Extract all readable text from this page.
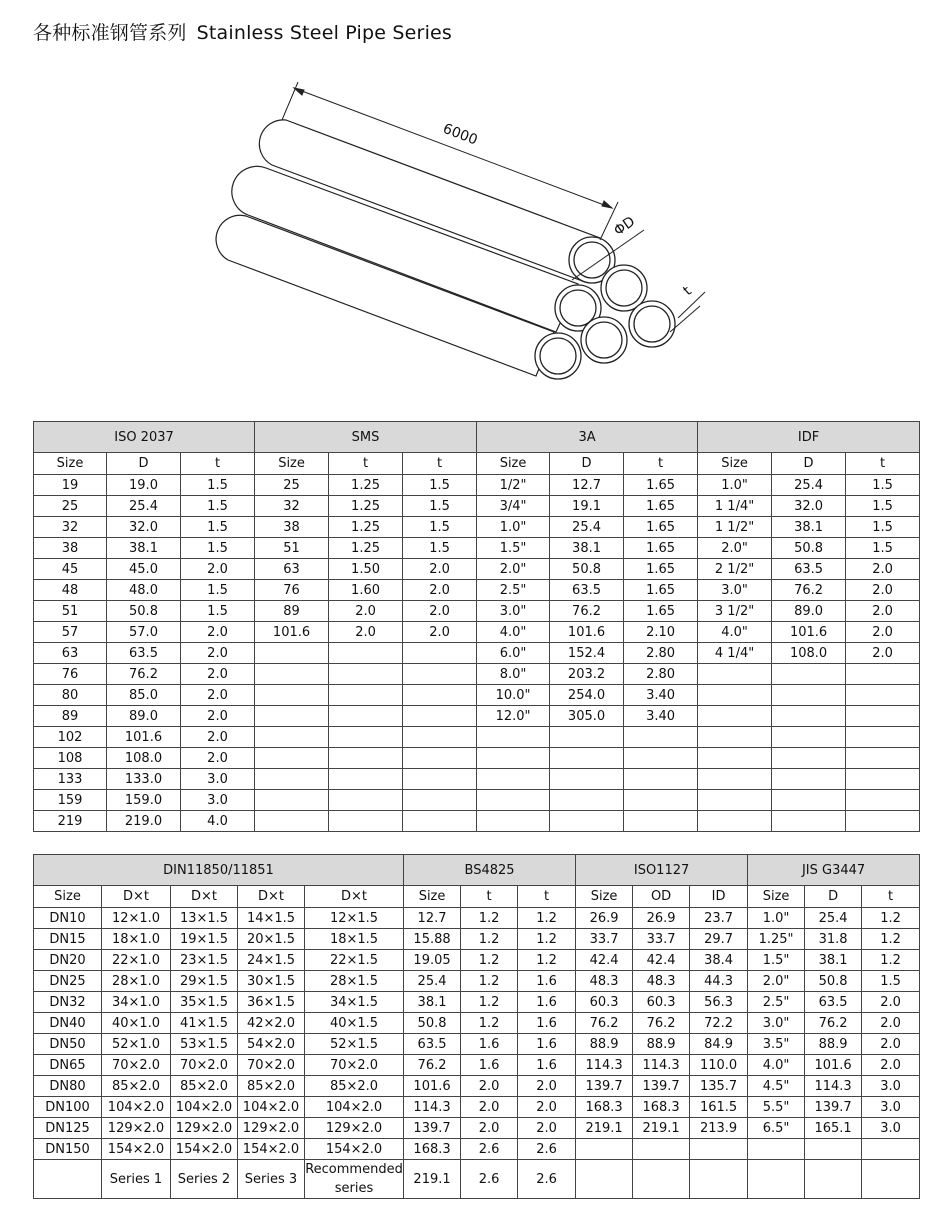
各种标准钢管系列 Stainless Steel Pipe Series
6000
ΦD
t
ISO 2037			SMS			3A			IDF		
Size	D	t	Size	t	t	Size	D	t	Size	D	t
19	19.0	1.5	25	1.25	1.5	1/2"	12.7	1.65	1.0"	25.4	1.5
25	25.4	1.5	32	1.25	1.5	3/4"	19.1	1.65	1 1/4"	32.0	1.5
32	32.0	1.5	38	1.25	1.5	1.0"	25.4	1.65	1 1/2"	38.1	1.5
38	38.1	1.5	51	1.25	1.5	1.5"	38.1	1.65	2.0"	50.8	1.5
45	45.0	2.0	63	1.50	2.0	2.0"	50.8	1.65	2 1/2"	63.5	2.0
48	48.0	1.5	76	1.60	2.0	2.5"	63.5	1.65	3.0"	76.2	2.0
51	50.8	1.5	89	2.0	2.0	3.0"	76.2	1.65	3 1/2"	89.0	2.0
57	57.0	2.0	101.6	2.0	2.0	4.0"	101.6	2.10	4.0"	101.6	2.0
63	63.5	2.0				6.0"	152.4	2.80	4 1/4"	108.0	2.0
76	76.2	2.0				8.0"	203.2	2.80			
80	85.0	2.0				10.0"	254.0	3.40			
89	89.0	2.0				12.0"	305.0	3.40			
102	101.6	2.0									
108	108.0	2.0									
133	133.0	3.0									
159	159.0	3.0									
219	219.0	4.0									
DIN11850/11851					BS4825			ISO1127			JIS G3447		
Size	D×t	D×t	D×t	D×t	Size	t	t	Size	OD	ID	Size	D	t
DN10	12×1.0	13×1.5	14×1.5	12×1.5	12.7	1.2	1.2	26.9	26.9	23.7	1.0"	25.4	1.2
DN15	18×1.0	19×1.5	20×1.5	18×1.5	15.88	1.2	1.2	33.7	33.7	29.7	1.25"	31.8	1.2
DN20	22×1.0	23×1.5	24×1.5	22×1.5	19.05	1.2	1.2	42.4	42.4	38.4	1.5"	38.1	1.2
DN25	28×1.0	29×1.5	30×1.5	28×1.5	25.4	1.2	1.6	48.3	48.3	44.3	2.0"	50.8	1.5
DN32	34×1.0	35×1.5	36×1.5	34×1.5	38.1	1.2	1.6	60.3	60.3	56.3	2.5"	63.5	2.0
DN40	40×1.0	41×1.5	42×2.0	40×1.5	50.8	1.2	1.6	76.2	76.2	72.2	3.0"	76.2	2.0
DN50	52×1.0	53×1.5	54×2.0	52×1.5	63.5	1.6	1.6	88.9	88.9	84.9	3.5"	88.9	2.0
DN65	70×2.0	70×2.0	70×2.0	70×2.0	76.2	1.6	1.6	114.3	114.3	110.0	4.0"	101.6	2.0
DN80	85×2.0	85×2.0	85×2.0	85×2.0	101.6	2.0	2.0	139.7	139.7	135.7	4.5"	114.3	3.0
DN100	104×2.0	104×2.0	104×2.0	104×2.0	114.3	2.0	2.0	168.3	168.3	161.5	5.5"	139.7	3.0
DN125	129×2.0	129×2.0	129×2.0	129×2.0	139.7	2.0	2.0	219.1	219.1	213.9	6.5"	165.1	3.0
DN150	154×2.0	154×2.0	154×2.0	154×2.0	168.3	2.6	2.6						
	Series 1	Series 2	Series 3	Recommended series	219.1	2.6	2.6						
